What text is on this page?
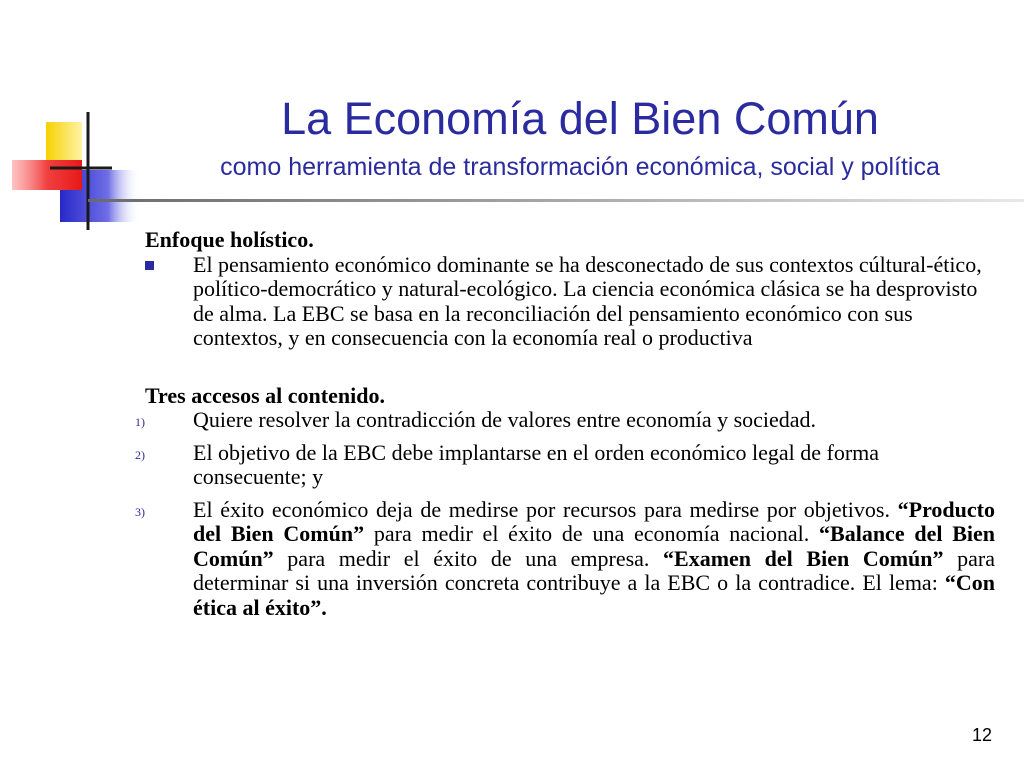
La Economía del Bien Común
como herramienta de transformación económica, social y política

Enfoque holístico.

El pensamiento económico dominante se ha desconectado de sus contextos cúltural-ético, político-democrático y natural-ecológico. La ciencia económica clásica se ha desprovisto de alma. La EBC se basa en la reconciliación del pensamiento económico con sus contextos, y en consecuencia con la economía real o productiva

Tres accesos al contenido.

1) Quiere resolver la contradicción de valores entre economía y sociedad.
2) El objetivo de la EBC debe implantarse en el orden económico legal de forma consecuente; y
3) El éxito económico deja de medirse por recursos para medirse por objetivos. “Producto del Bien Común” para medir el éxito de una economía nacional. “Balance del Bien Común” para medir el éxito de una empresa. “Examen del Bien Común” para determinar si una inversión concreta contribuye a la EBC o la contradice. El lema: “Con ética al éxito”.
12
